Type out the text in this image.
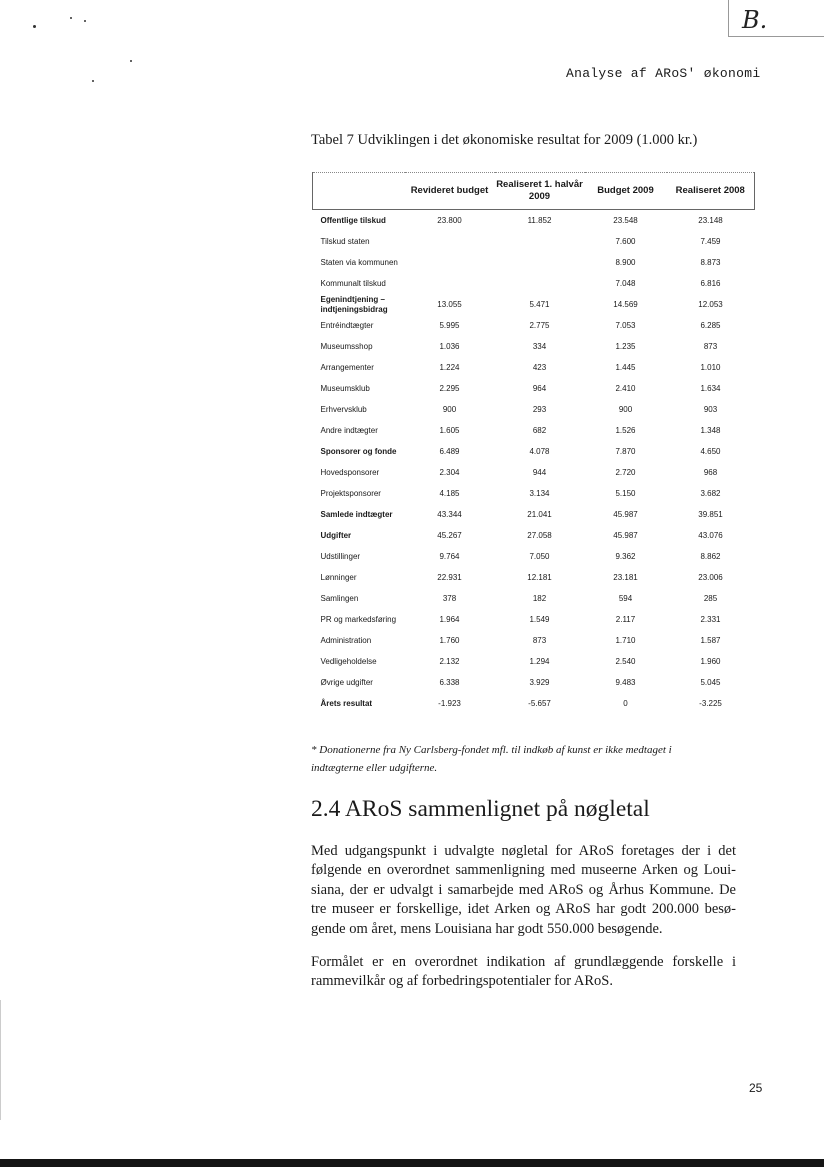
B.
Analyse af ARoS' økonomi
Tabel 7 Udviklingen i det økonomiske resultat for 2009 (1.000 kr.)
	Revideret budget	Realiseret 1. halvår 2009	Budget 2009	Realiseret 2008
Offentlige tilskud	23.800	11.852	23.548	23.148
Tilskud staten			7.600	7.459
Staten via kommunen			8.900	8.873
Kommunalt tilskud			7.048	6.816
Egenindtjening – indtjeningsbidrag	13.055	5.471	14.569	12.053
Entréindtægter	5.995	2.775	7.053	6.285
Museumsshop	1.036	334	1.235	873
Arrangementer	1.224	423	1.445	1.010
Museumsklub	2.295	964	2.410	1.634
Erhvervsklub	900	293	900	903
Andre indtægter	1.605	682	1.526	1.348
Sponsorer og fonde	6.489	4.078	7.870	4.650
Hovedsponsorer	2.304	944	2.720	968
Projektsponsorer	4.185	3.134	5.150	3.682
Samlede indtægter	43.344	21.041	45.987	39.851
Udgifter	45.267	27.058	45.987	43.076
Udstillinger	9.764	7.050	9.362	8.862
Lønninger	22.931	12.181	23.181	23.006
Samlingen	378	182	594	285
PR og markedsføring	1.964	1.549	2.117	2.331
Administration	1.760	873	1.710	1.587
Vedligeholdelse	2.132	1.294	2.540	1.960
Øvrige udgifter	6.338	3.929	9.483	5.045
Årets resultat	-1.923	-5.657	0	-3.225
* Donationerne fra Ny Carlsberg-fondet mfl. til indkøb af kunst er ikke medtaget i indtægterne eller udgifterne.
2.4 ARoS sammenlignet på nøgletal
Med udgangspunkt i udvalgte nøgletal for ARoS foretages der i det følgende en overordnet sammenligning med museerne Arken og Louisiana, der er udvalgt i samarbejde med ARoS og Århus Kommune. De tre museer er forskellige, idet Arken og ARoS har godt 200.000 besøgende om året, mens Louisiana har godt 550.000 besøgende.
Formålet er en overordnet indikation af grundlæggende forskelle i rammevilkår og af forbedringspotentialer for ARoS.
25
